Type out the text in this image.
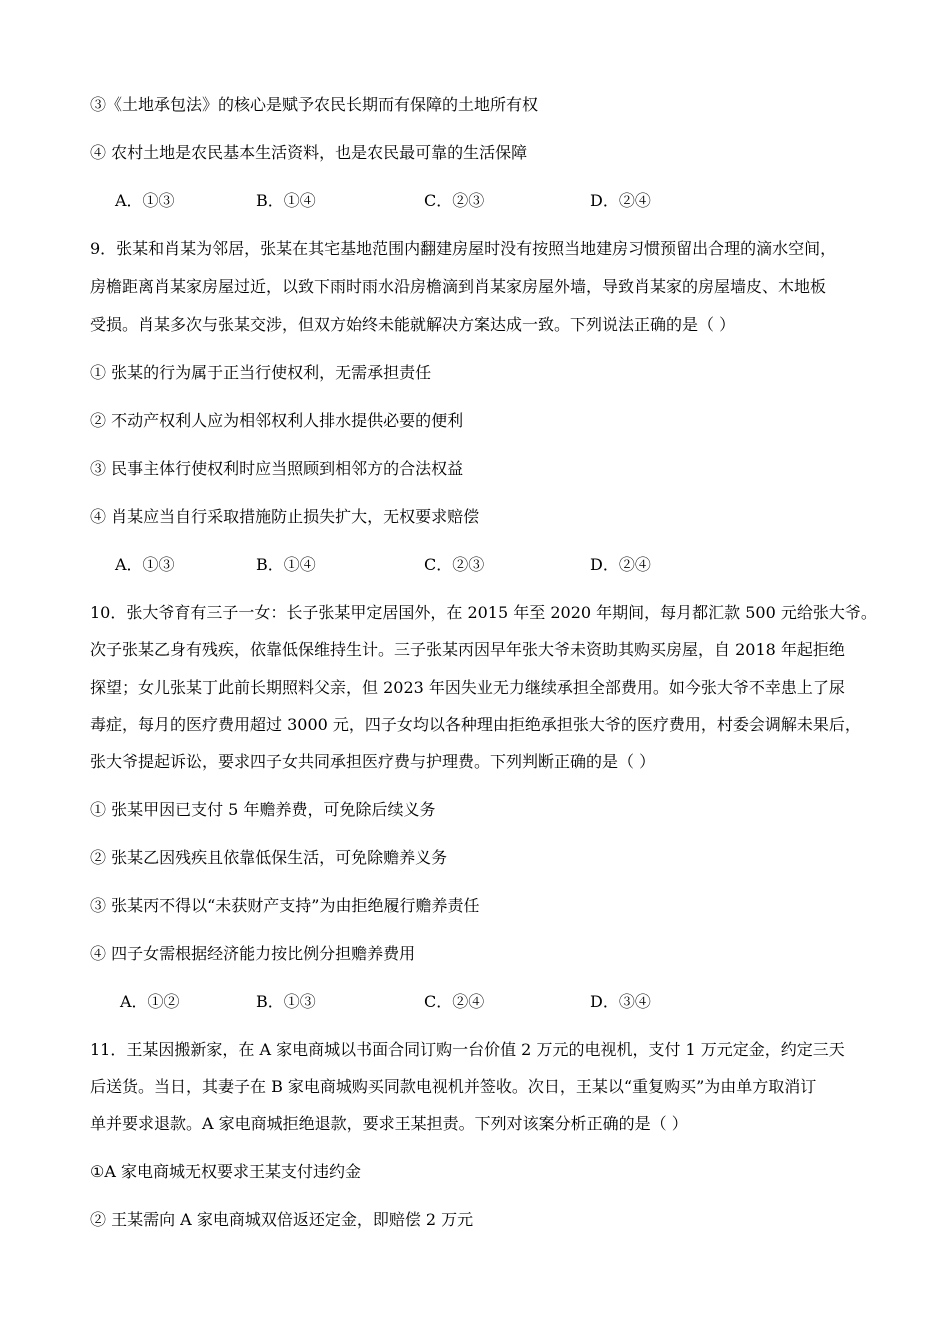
③《土地承包法》的核心是赋予农民长期而有保障的土地所有权
④ 农村土地是农民基本生活资料，也是农民最可靠的生活保障
A．①③	B．①④	C．②③	D．②④
9．张某和肖某为邻居，张某在其宅基地范围内翻建房屋时没有按照当地建房习惯预留出合理的滴水空间，
房檐距离肖某家房屋过近，以致下雨时雨水沿房檐滴到肖某家房屋外墙，导致肖某家的房屋墙皮、木地板
受损。肖某多次与张某交涉，但双方始终未能就解决方案达成一致。下列说法正确的是（ ）
① 张某的行为属于正当行使权利，无需承担责任
② 不动产权利人应为相邻权利人排水提供必要的便利
③ 民事主体行使权利时应当照顾到相邻方的合法权益
④ 肖某应当自行采取措施防止损失扩大，无权要求赔偿
A．①③	B．①④	C．②③	D．②④
10．张大爷育有三子一女：长子张某甲定居国外，在 2015 年至 2020 年期间，每月都汇款 500 元给张大爷。
次子张某乙身有残疾，依靠低保维持生计。三子张某丙因早年张大爷未资助其购买房屋，自 2018 年起拒绝
探望；女儿张某丁此前长期照料父亲，但 2023 年因失业无力继续承担全部费用。如今张大爷不幸患上了尿
毒症，每月的医疗费用超过 3000 元，四子女均以各种理由拒绝承担张大爷的医疗费用，村委会调解未果后，
张大爷提起诉讼，要求四子女共同承担医疗费与护理费。下列判断正确的是（ ）
① 张某甲因已支付 5 年赡养费，可免除后续义务
② 张某乙因残疾且依靠低保生活，可免除赡养义务
③ 张某丙不得以“未获财产支持”为由拒绝履行赡养责任
④ 四子女需根据经济能力按比例分担赡养费用
A．①②	B．①③	C．②④	D．③④
11．王某因搬新家，在 A 家电商城以书面合同订购一台价值 2 万元的电视机，支付 1 万元定金，约定三天
后送货。当日，其妻子在 B 家电商城购买同款电视机并签收。次日，王某以“重复购买”为由单方取消订
单并要求退款。A 家电商城拒绝退款，要求王某担责。下列对该案分析正确的是（ ）
①A 家电商城无权要求王某支付违约金
② 王某需向 A 家电商城双倍返还定金，即赔偿 2 万元
